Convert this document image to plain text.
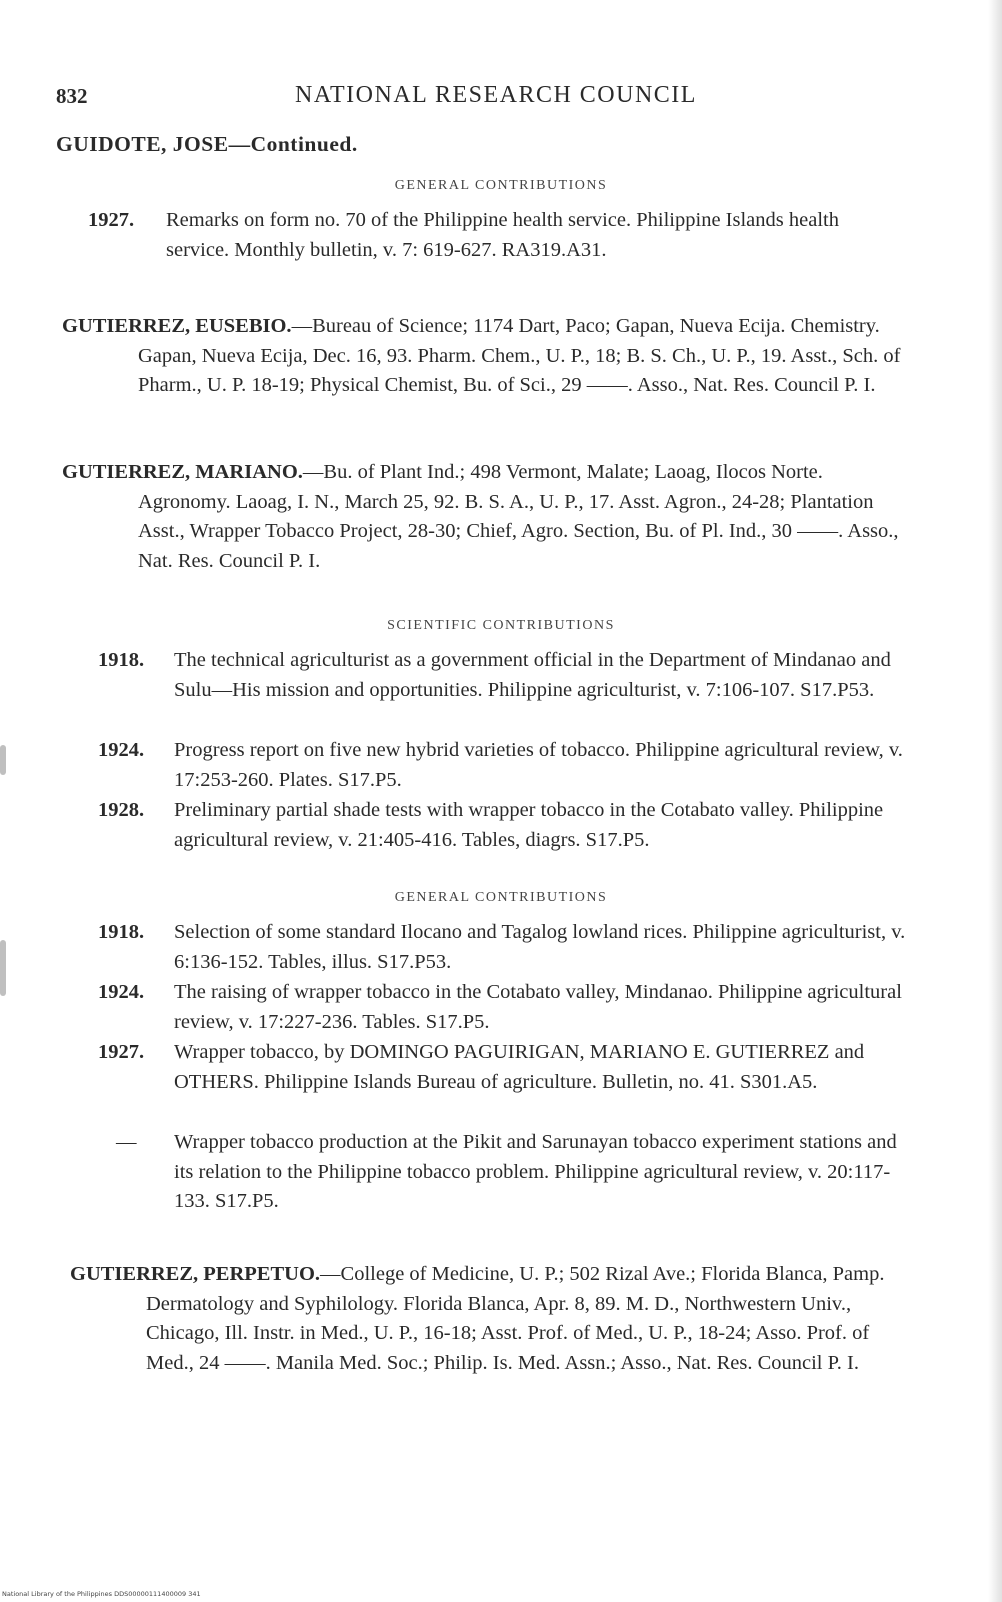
832	NATIONAL RESEARCH COUNCIL
GUIDOTE, JOSE—Continued.
GENERAL CONTRIBUTIONS
1927.	Remarks on form no. 70 of the Philippine health service. Philippine Islands health service. Monthly bulletin, v. 7: 619-627. RA319.A31.
GUTIERREZ, EUSEBIO.—Bureau of Science; 1174 Dart, Paco; Gapan, Nueva Ecija. Chemistry. Gapan, Nueva Ecija, Dec. 16, 93. Pharm. Chem., U. P., 18; B. S. Ch., U. P., 19. Asst., Sch. of Pharm., U. P. 18-19; Physical Chemist, Bu. of Sci., 29 ——. Asso., Nat. Res. Council P. I.
GUTIERREZ, MARIANO.—Bu. of Plant Ind.; 498 Vermont, Malate; Laoag, Ilocos Norte. Agronomy. Laoag, I. N., March 25, 92. B. S. A., U. P., 17. Asst. Agron., 24-28; Plantation Asst., Wrapper Tobacco Project, 28-30; Chief, Agro. Section, Bu. of Pl. Ind., 30 ——. Asso., Nat. Res. Council P. I.
SCIENTIFIC CONTRIBUTIONS
1918.	The technical agriculturist as a government official in the Department of Mindanao and Sulu—His mission and opportunities. Philippine agriculturist, v. 7:106-107. S17.P53.
1924.	Progress report on five new hybrid varieties of tobacco. Philippine agricultural review, v. 17:253-260. Plates. S17.P5.
1928.	Preliminary partial shade tests with wrapper tobacco in the Cotabato valley. Philippine agricultural review, v. 21:405-416. Tables, diagrs. S17.P5.
GENERAL CONTRIBUTIONS
1918.	Selection of some standard Ilocano and Tagalog lowland rices. Philippine agriculturist, v. 6:136-152. Tables, illus. S17.P53.
1924.	The raising of wrapper tobacco in the Cotabato valley, Mindanao. Philippine agricultural review, v. 17:227-236. Tables. S17.P5.
1927.	Wrapper tobacco, by DOMINGO PAGUIRIGAN, MARIANO E. GUTIERREZ and OTHERS. Philippine Islands Bureau of agriculture. Bulletin, no. 41. S301.A5.
—	Wrapper tobacco production at the Pikit and Sarunayan tobacco experiment stations and its relation to the Philippine tobacco problem. Philippine agricultural review, v. 20:117-133. S17.P5.
GUTIERREZ, PERPETUO.—College of Medicine, U. P.; 502 Rizal Ave.; Florida Blanca, Pamp. Dermatology and Syphilology. Florida Blanca, Apr. 8, 89. M. D., Northwestern Univ., Chicago, Ill. Instr. in Med., U. P., 16-18; Asst. Prof. of Med., U. P., 18-24; Asso. Prof. of Med., 24 ——. Manila Med. Soc.; Philip. Is. Med. Assn.; Asso., Nat. Res. Council P. I.
National Library of the Philippines DDS00000111400009 341
